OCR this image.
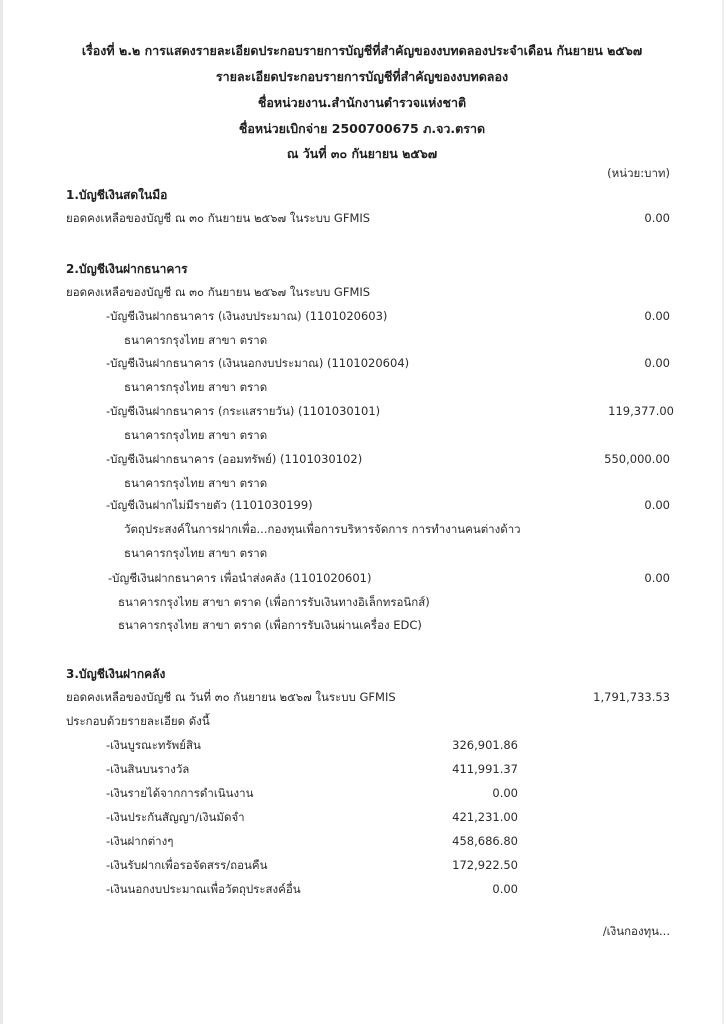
เรื่องที่ ๒.๒ การแสดงรายละเอียดประกอบรายการบัญชีที่สำคัญของงบทดลองประจำเดือน กันยายน ๒๕๖๗
รายละเอียดประกอบรายการบัญชีที่สำคัญของงบทดลอง
ชื่อหน่วยงาน.สำนักงานตำรวจแห่งชาติ
ชื่อหน่วยเบิกจ่าย 2500700675 ภ.จว.ตราด
ณ วันที่ ๓๐ กันยายน ๒๕๖๗
(หน่วย:บาท)
1.บัญชีเงินสดในมือ
ยอดคงเหลือของบัญชี ณ ๓๐ กันยายน ๒๕๖๗ ในระบบ GFMIS	0.00
2.บัญชีเงินฝากธนาคาร
ยอดคงเหลือของบัญชี ณ ๓๐ กันยายน ๒๕๖๗ ในระบบ GFMIS
-บัญชีเงินฝากธนาคาร (เงินงบประมาณ) (1101020603)	0.00
ธนาคารกรุงไทย สาขา ตราด
-บัญชีเงินฝากธนาคาร (เงินนอกงบประมาณ) (1101020604)	0.00
ธนาคารกรุงไทย สาขา ตราด
-บัญชีเงินฝากธนาคาร (กระแสรายวัน) (1101030101)	119,377.00
ธนาคารกรุงไทย สาขา ตราด
-บัญชีเงินฝากธนาคาร (ออมทรัพย์) (1101030102)	550,000.00
ธนาคารกรุงไทย สาขา ตราด
-บัญชีเงินฝากไม่มีรายตัว (1101030199)	0.00
วัตถุประสงค์ในการฝากเพื่อ...กองทุนเพื่อการบริหารจัดการ การทำงานคนต่างด้าว
ธนาคารกรุงไทย สาขา ตราด
-บัญชีเงินฝากธนาคาร เพื่อนำส่งคลัง (1101020601)	0.00
ธนาคารกรุงไทย สาขา ตราด (เพื่อการรับเงินทางอิเล็กทรอนิกส์)
ธนาคารกรุงไทย สาขา ตราด (เพื่อการรับเงินผ่านเครื่อง EDC)
3.บัญชีเงินฝากคลัง
ยอดคงเหลือของบัญชี ณ วันที่ ๓๐ กันยายน ๒๕๖๗ ในระบบ GFMIS	1,791,733.53
ประกอบด้วยรายละเอียด ดังนี้
-เงินบูรณะทรัพย์สิน	326,901.86
-เงินสินบนรางวัล	411,991.37
-เงินรายได้จากการดำเนินงาน	0.00
-เงินประกันสัญญา/เงินมัดจำ	421,231.00
-เงินฝากต่างๆ	458,686.80
-เงินรับฝากเพื่อรอจัดสรร/ถอนคืน	172,922.50
-เงินนอกงบประมาณเพื่อวัตถุประสงค์อื่น	0.00
/เงินกองทุน...
